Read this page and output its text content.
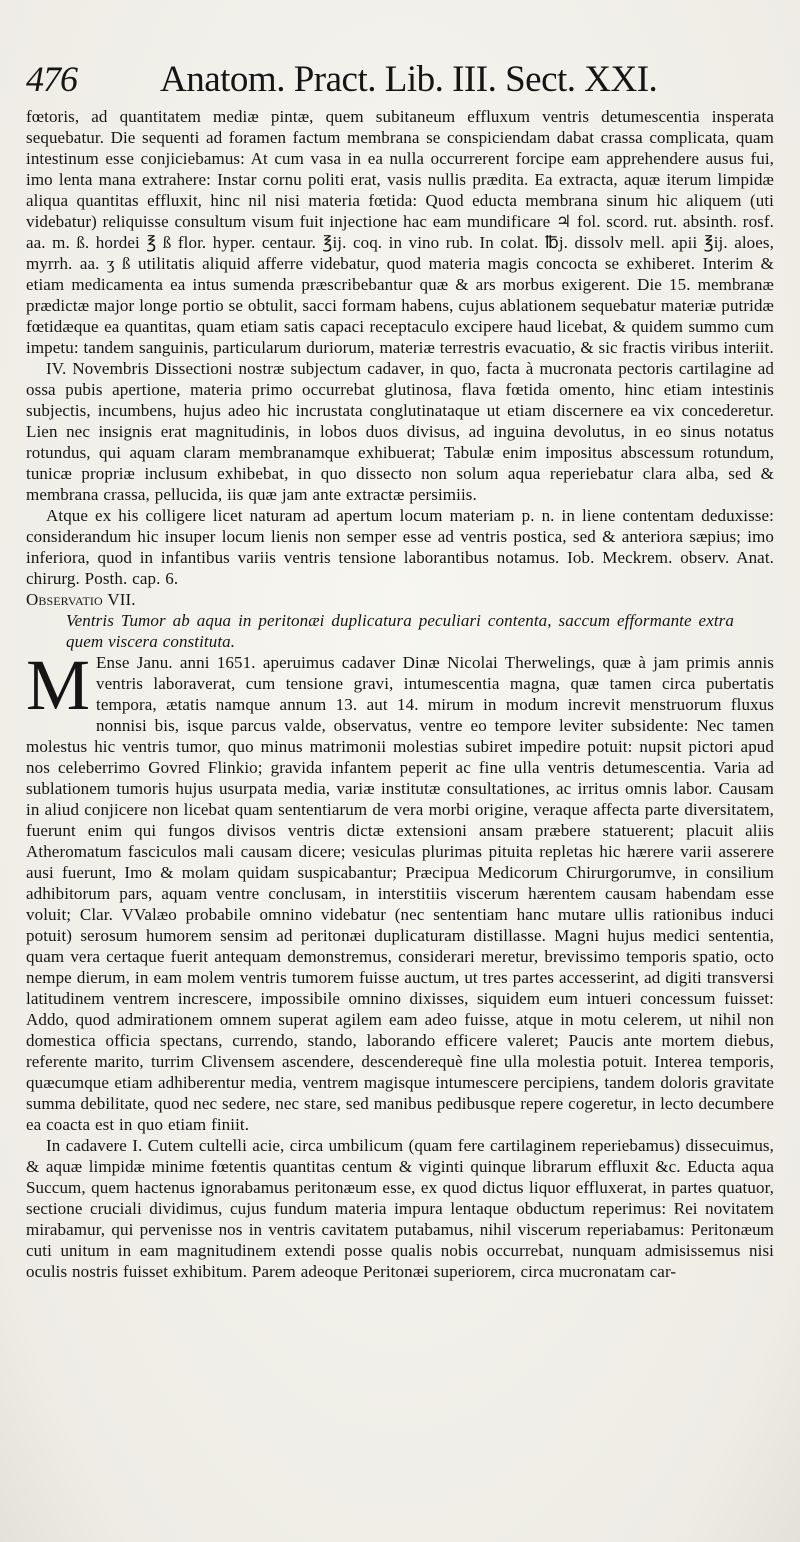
476	Anatom. Pract. Lib. III. Sect. XXI.

fœtoris, ad quantitatem mediæ pintæ, quem subitaneum effluxum ventris detumescentia insperata sequebatur. Die sequenti ad foramen factum membrana se conspiciendam dabat crassa complicata, quam intestinum esse conjiciebamus: At cum vasa in ea nulla occurrerent forcipe eam apprehendere ausus fui, imo lenta mana extrahere: Instar cornu politi erat, vasis nullis prædita. Ea extracta, aquæ iterum limpidæ aliqua quantitas effluxit, hinc nil nisi materia fœtida: Quod educta membrana sinum hic aliquem (uti videbatur) reliquisse consultum visum fuit injectione hac eam mundificare ♃ fol. scord. rut. absinth. rosf. aa. m. ß. hordei ℥ ß flor. hyper. centaur. ℥ij. coq. in vino rub. In colat. ℔j. dissolv mell. apii ℥ij. aloes, myrrh. aa. ʒ ß utilitatis aliquid afferre videbatur, quod materia magis concocta se exhiberet. Interim & etiam medicamenta ea intus sumenda præscribebantur quæ & ars morbus exigerent. Die 15. membranæ prædictæ major longe portio se obtulit, sacci formam habens, cujus ablationem sequebatur materiæ putridæ fœtidæque ea quantitas, quam etiam satis capaci receptaculo excipere haud licebat, & quidem summo cum impetu: tandem sanguinis, particularum duriorum, materiæ terrestris evacuatio, & sic fractis viribus interiit.

IV. Novembris Dissectioni nostræ subjectum cadaver, in quo, facta à mucronata pectoris cartilagine ad ossa pubis apertione, materia primo occurrebat glutinosa, flava fœtida omento, hinc etiam intestinis subjectis, incumbens, hujus adeo hic incrustata conglutinataque ut etiam discernere ea vix concederetur. Lien nec insignis erat magnitudinis, in lobos duos divisus, ad inguina devolutus, in eo sinus notatus rotundus, qui aquam claram membranamque exhibuerat; Tabulæ enim impositus abscessum rotundum, tunicæ propriæ inclusum exhibebat, in quo dissecto non solum aqua reperiebatur clara alba, sed & membrana crassa, pellucida, iis quæ jam ante extractæ persimiis.

Atque ex his colligere licet naturam ad apertum locum materiam p. n. in liene contentam deduxisse: considerandum hic insuper locum lienis non semper esse ad ventris postica, sed & anteriora sæpius; imo inferiora, quod in infantibus variis ventris tensione laborantibus notamus. Iob. Meckrem. observ. Anat. chirurg. Posth. cap. 6.

Observatio VII.

Ventris Tumor ab aqua in peritonæi duplicatura peculiari contenta, saccum efformante extra quem viscera constituta.

M Ense Janu. anni 1651. aperuimus cadaver Dinæ Nicolai Therwelings, quæ à jam primis annis ventris laboraverat, cum tensione gravi, intumescentia magna, quæ tamen circa pubertatis tempora, ætatis namque annum 13. aut 14. mirum in modum increvit menstruorum fluxus nonnisi bis, isque parcus valde, observatus, ventre eo tempore leviter subsidente: Nec tamen molestus hic ventris tumor, quo minus matrimonii molestias subiret impedire potuit: nupsit pictori apud nos celeberrimo Govred Flinkio; gravida infantem peperit ac fine ulla ventris detumescentia. Varia ad sublationem tumoris hujus usurpata media, variæ institutæ consultationes, ac irritus omnis labor. Causam in aliud conjicere non licebat quam sententiarum de vera morbi origine, veraque affecta parte diversitatem, fuerunt enim qui fungos divisos ventris dictæ extensioni ansam præbere statuerent; placuit aliis Atheromatum fasciculos mali causam dicere; vesiculas plurimas pituita repletas hic hærere varii asserere ausi fuerunt, Imo & molam quidam suspicabantur; Præcipua Medicorum Chirurgorumve, in consilium adhibitorum pars, aquam ventre conclusam, in interstitiis viscerum hærentem causam habendam esse voluit; Clar. VValæo probabile omnino videbatur (nec sententiam hanc mutare ullis rationibus induci potuit) serosum humorem sensim ad peritonæi duplicaturam distillasse. Magni hujus medici sententia, quam vera certaque fuerit antequam demonstremus, considerari meretur, brevissimo temporis spatio, octo nempe dierum, in eam molem ventris tumorem fuisse auctum, ut tres partes accesserint, ad digiti transversi latitudinem ventrem increscere, impossibile omnino dixisses, siquidem eum intueri concessum fuisset: Addo, quod admirationem omnem superat agilem eam adeo fuisse, atque in motu celerem, ut nihil non domestica officia spectans, currendo, stando, laborando efficere valeret; Paucis ante mortem diebus, referente marito, turrim Clivensem ascendere, descenderequè fine ulla molestia potuit. Interea temporis, quæcumque etiam adhiberentur media, ventrem magisque intumescere percipiens, tandem doloris gravitate summa debilitate, quod nec sedere, nec stare, sed manibus pedibusque repere cogeretur, in lecto decumbere ea coacta est in quo etiam finiit.

In cadavere I. Cutem cultelli acie, circa umbilicum (quam fere cartilaginem reperiebamus) dissecuimus, & aquæ limpidæ minime fœtentis quantitas centum & viginti quinque librarum effluxit &c. Educta aqua Succum, quem hactenus ignorabamus peritonæum esse, ex quod dictus liquor effluxerat, in partes quatuor, sectione cruciali dividimus, cujus fundum materia impura lentaque obductum reperimus: Rei novitatem mirabamur, qui pervenisse nos in ventris cavitatem putabamus, nihil viscerum reperiabamus: Peritonæum cuti unitum in eam magnitudinem extendi posse qualis nobis occurrebat, nunquam admisissemus nisi oculis nostris fuisset exhibitum. Parem adeoque Peritonæi superiorem, circa mucronatam car-
